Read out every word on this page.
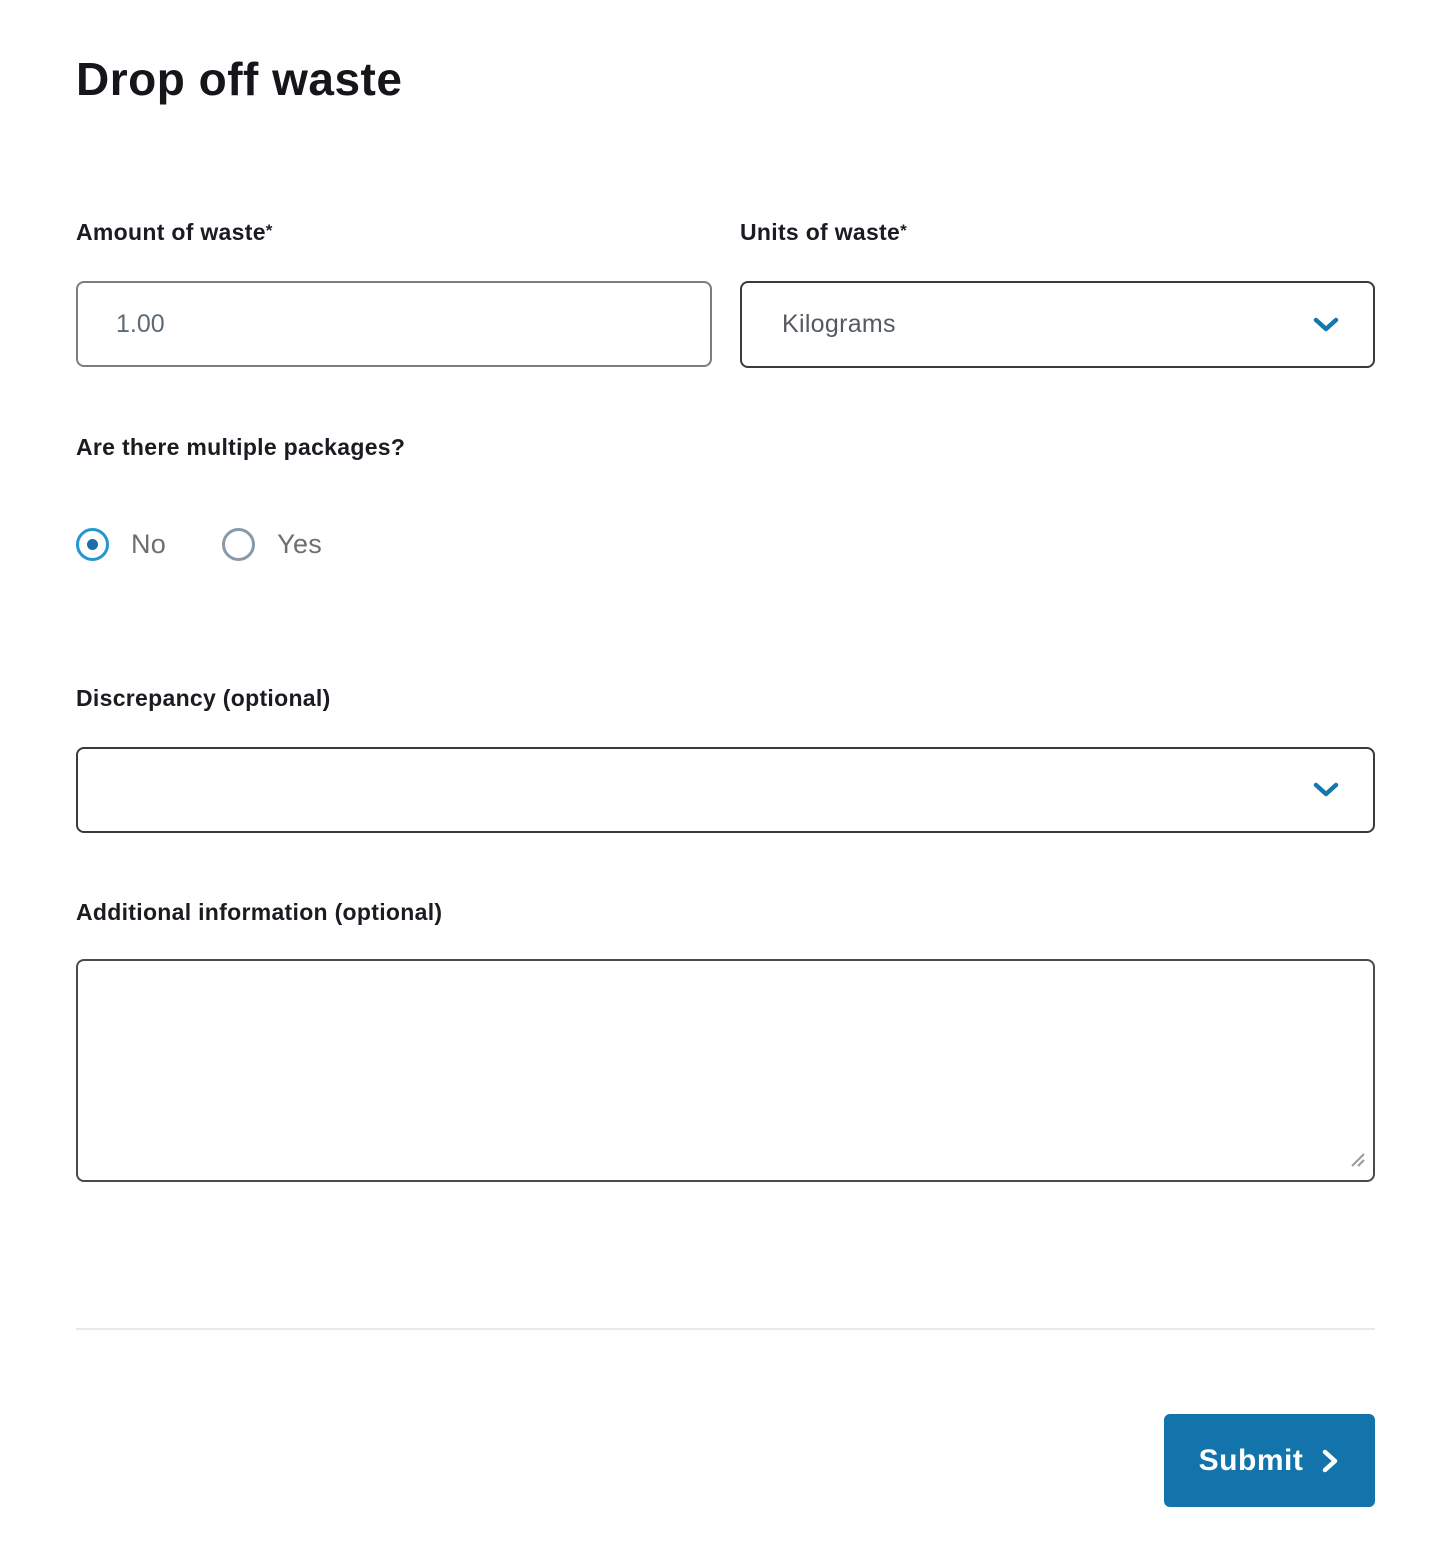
Drop off waste
Amount of waste*
1.00	Units of waste*
Kilograms
Are there multiple packages?
No	Yes
Discrepancy (optional)
Additional information (optional)
Submit
